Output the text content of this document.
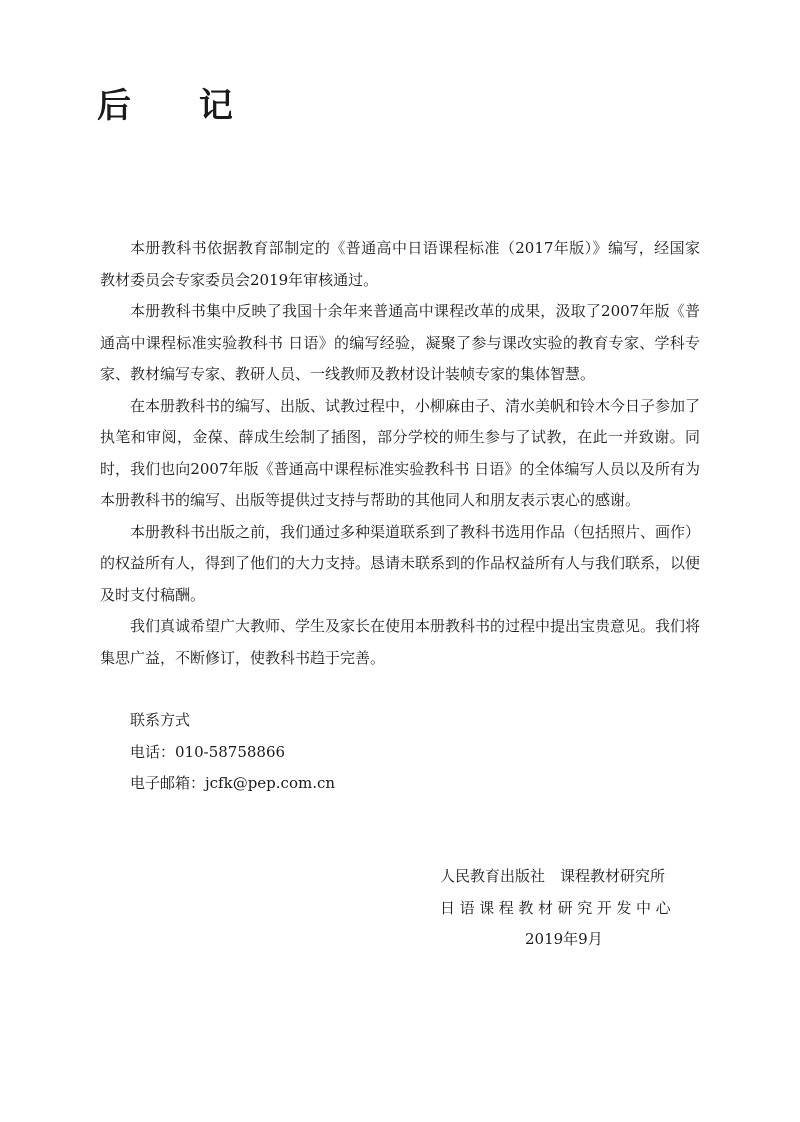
后 记

本册教科书依据教育部制定的《普通高中日语课程标准（2017年版）》编写，经国家教材委员会专家委员会2019年审核通过。

本册教科书集中反映了我国十余年来普通高中课程改革的成果，汲取了2007年版《普通高中课程标准实验教科书 日语》的编写经验，凝聚了参与课改实验的教育专家、学科专家、教材编写专家、教研人员、一线教师及教材设计装帧专家的集体智慧。

在本册教科书的编写、出版、试教过程中，小柳麻由子、清水美帆和铃木今日子参加了执笔和审阅，金葆、薛成生绘制了插图，部分学校的师生参与了试教，在此一并致谢。同时，我们也向2007年版《普通高中课程标准实验教科书 日语》的全体编写人员以及所有为本册教科书的编写、出版等提供过支持与帮助的其他同人和朋友表示衷心的感谢。

本册教科书出版之前，我们通过多种渠道联系到了教科书选用作品（包括照片、画作）的权益所有人，得到了他们的大力支持。恳请未联系到的作品权益所有人与我们联系，以便及时支付稿酬。

我们真诚希望广大教师、学生及家长在使用本册教科书的过程中提出宝贵意见。我们将集思广益，不断修订，使教科书趋于完善。

联系方式
电话：010-58758866
电子邮箱：jcfk@pep.com.cn
人民教育出版社　课程教材研究所
日语课程教材研究开发中心
2019年9月
